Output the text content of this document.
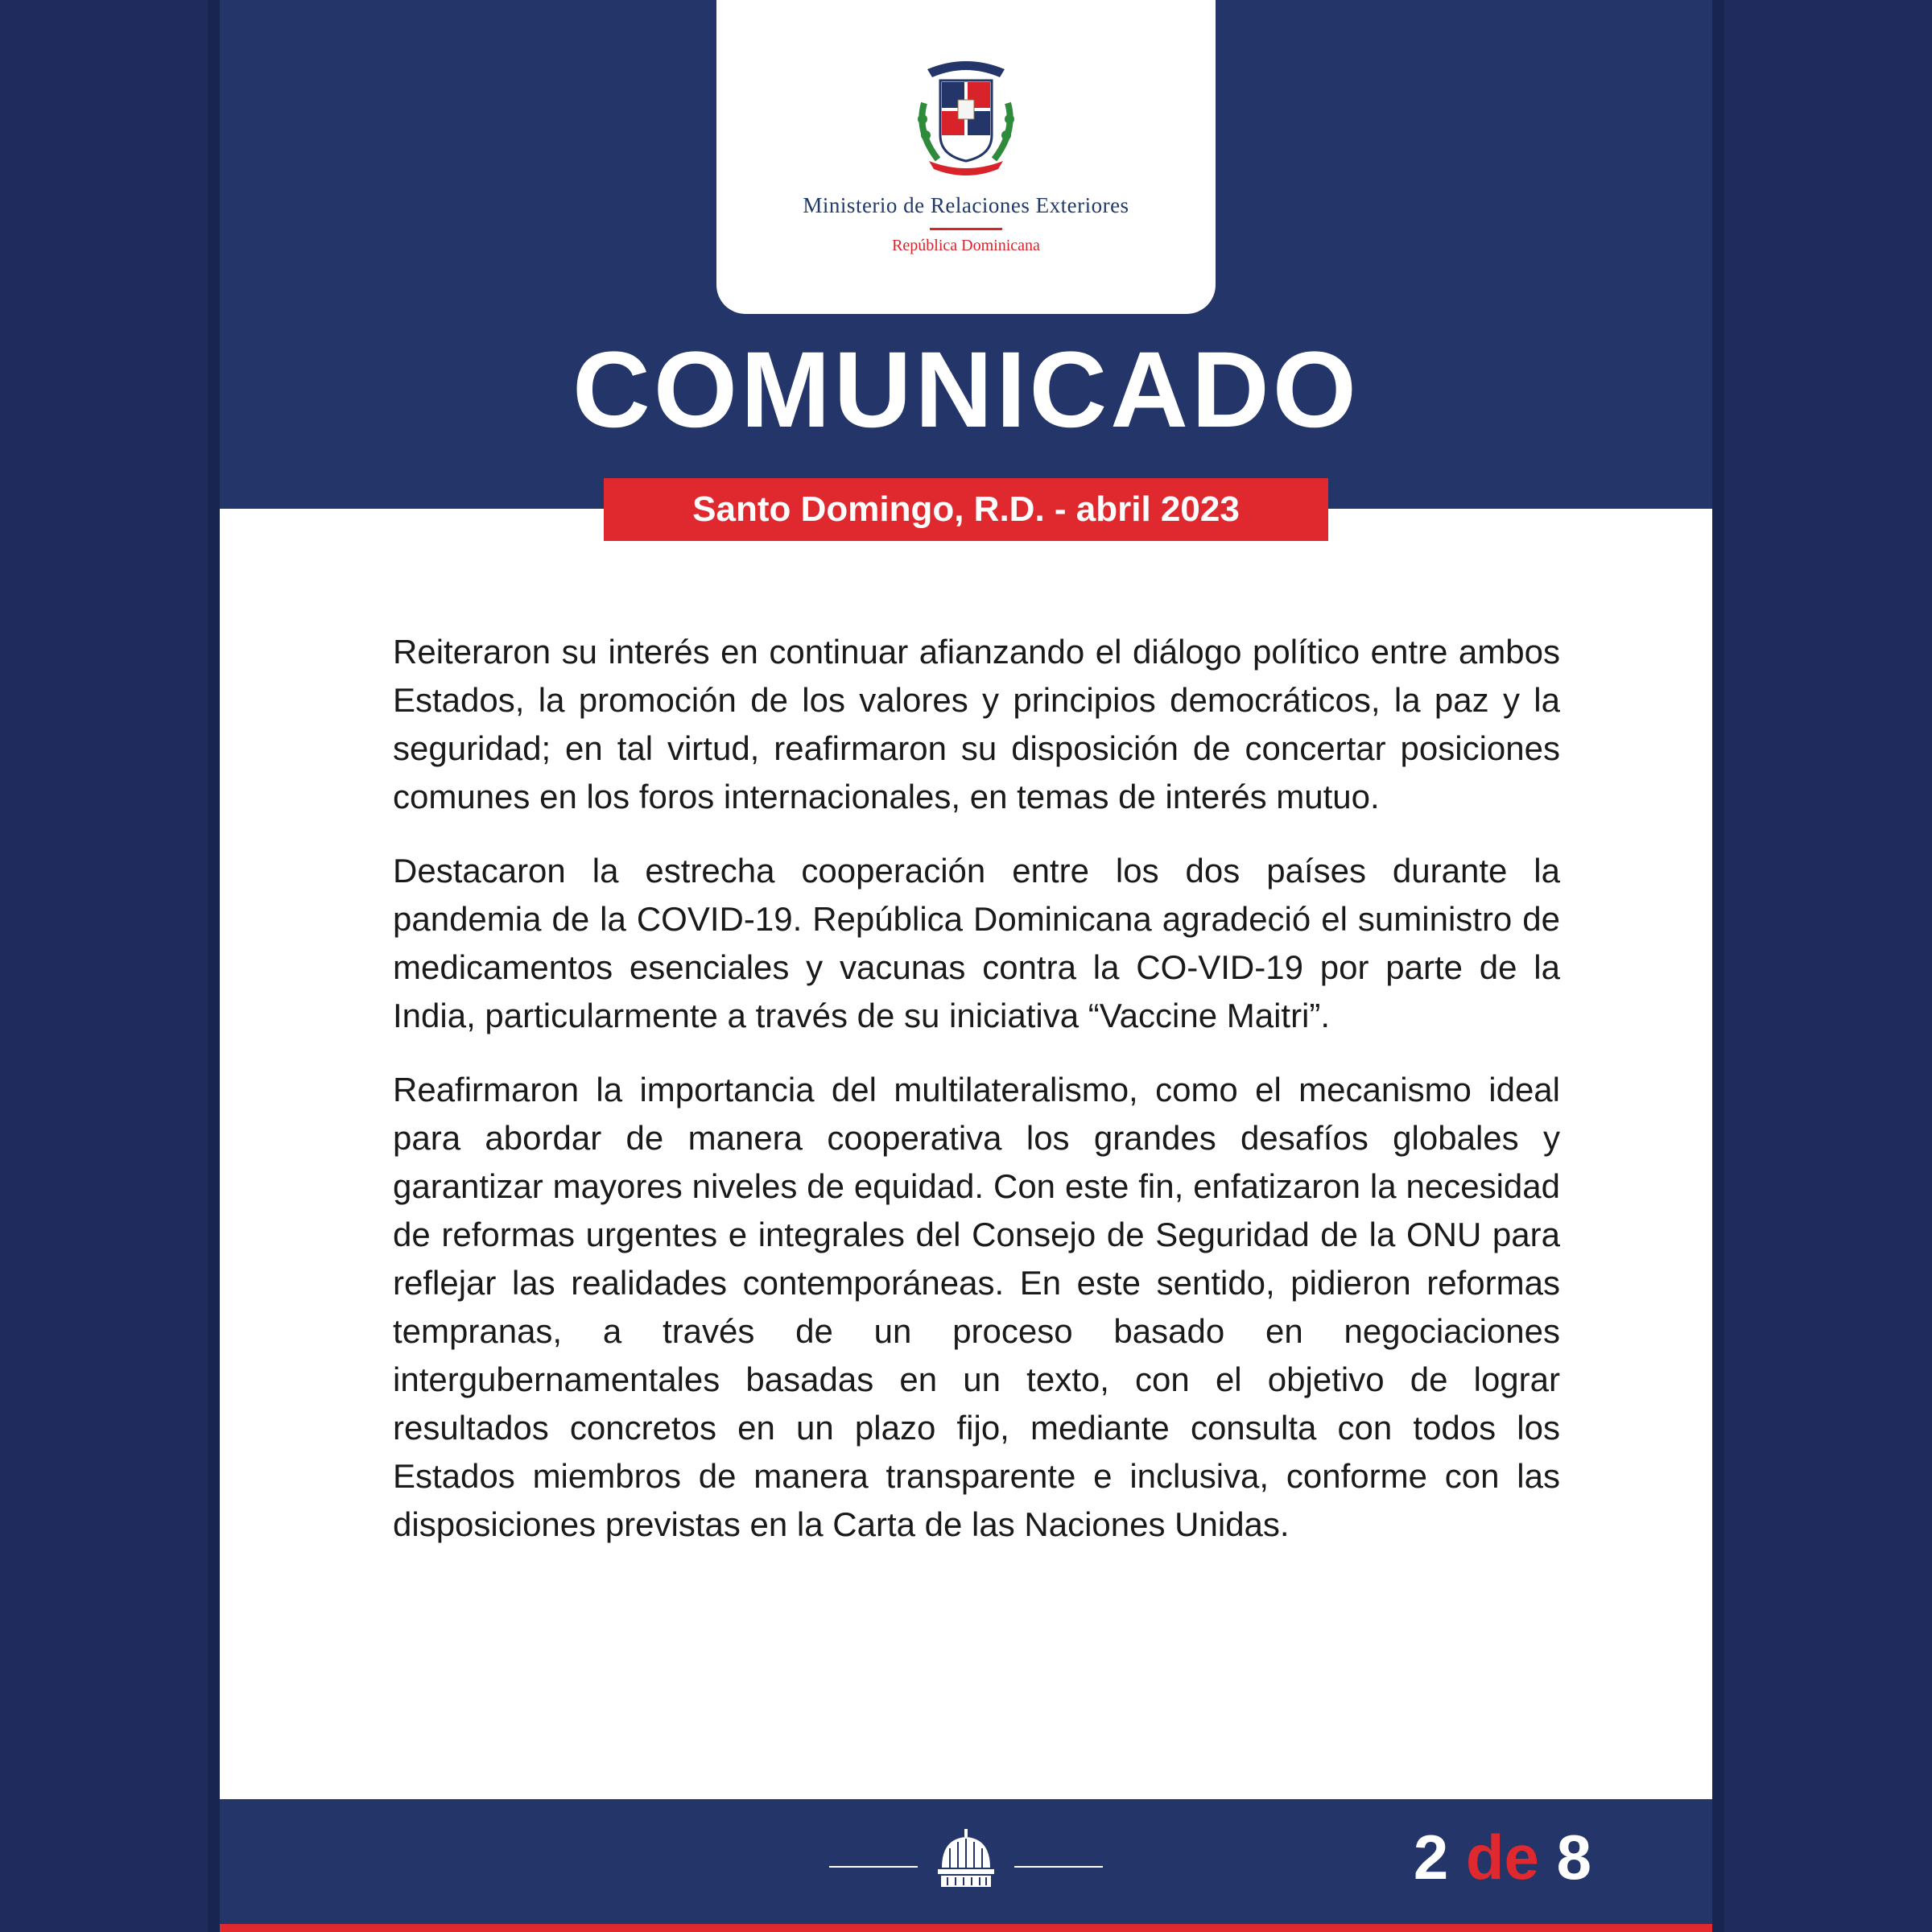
Ministerio de Relaciones Exteriores
República Dominicana
COMUNICADO
Santo Domingo, R.D. - abril 2023

Reiteraron su interés en continuar afianzando el diálogo político entre ambos Estados, la promoción de los valores y principios democráticos, la paz y la seguridad; en tal virtud, reafirmaron su disposición de concertar posiciones comunes en los foros internacionales, en temas de interés mutuo.

Destacaron la estrecha cooperación entre los dos países durante la pandemia de la COVID-19. República Dominicana agradeció el suministro de medicamentos esenciales y vacunas contra la CO-VID-19 por parte de la India, particularmente a través de su iniciativa “Vaccine Maitri”.

Reafirmaron la importancia del multilateralismo, como el mecanismo ideal para abordar de manera cooperativa los grandes desafíos globales y garantizar mayores niveles de equidad. Con este fin, enfatizaron la necesidad de reformas urgentes e integrales del Consejo de Seguridad de la ONU para reflejar las realidades contemporáneas. En este sentido, pidieron reformas tempranas, a través de un proceso basado en negociaciones intergubernamentales basadas en un texto, con el objetivo de lograr resultados concretos en un plazo fijo, mediante consulta con todos los Estados miembros de manera transparente e inclusiva, conforme con las disposiciones previstas en la Carta de las Naciones Unidas.

2 de 8
